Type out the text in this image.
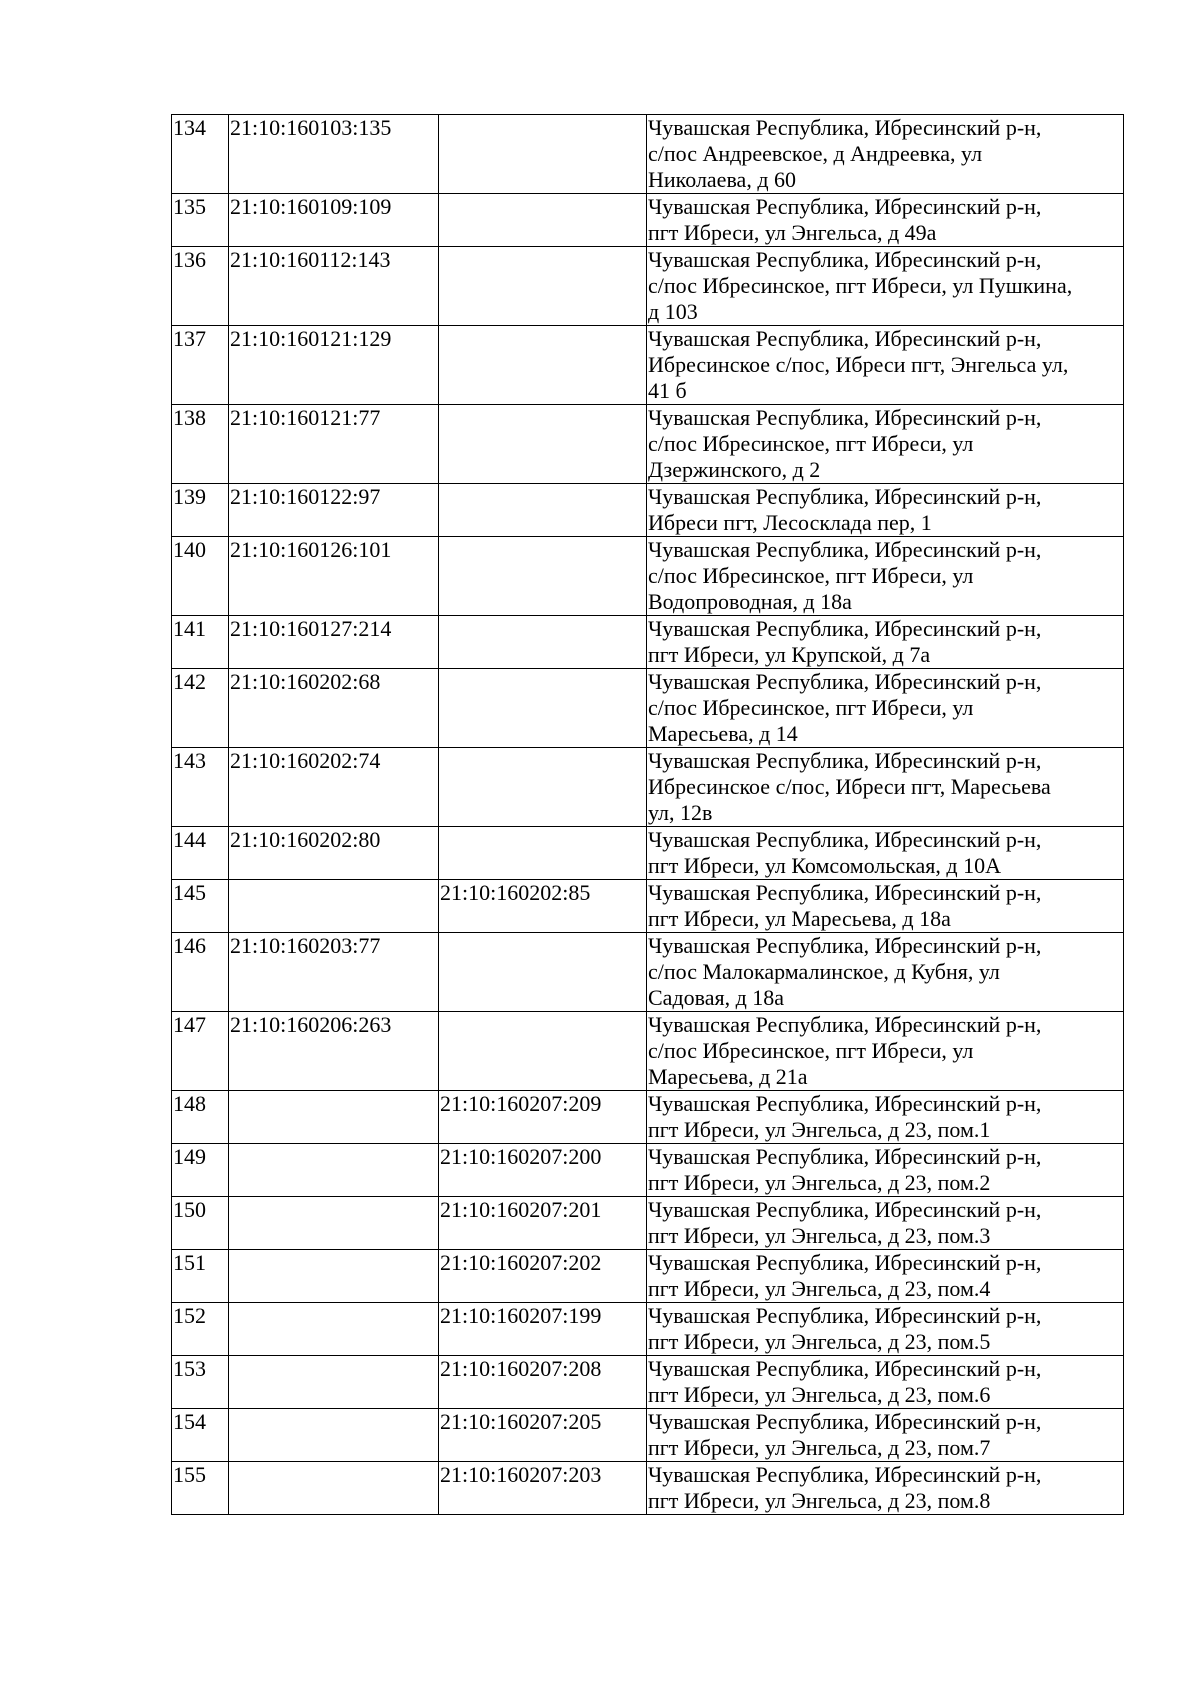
134	21:10:160103:135		Чувашская Республика, Ибресинский р-н,
с/пос Андреевское, д Андреевка, ул
Николаева, д 60
135	21:10:160109:109		Чувашская Республика, Ибресинский р-н,
пгт Ибреси, ул Энгельса, д 49а
136	21:10:160112:143		Чувашская Республика, Ибресинский р-н,
с/пос Ибресинское, пгт Ибреси, ул Пушкина,
д 103
137	21:10:160121:129		Чувашская Республика, Ибресинский р-н,
Ибресинское с/пос, Ибреси пгт, Энгельса ул,
41 б
138	21:10:160121:77		Чувашская Республика, Ибресинский р-н,
с/пос Ибресинское, пгт Ибреси, ул
Дзержинского, д 2
139	21:10:160122:97		Чувашская Республика, Ибресинский р-н,
Ибреси пгт, Лесосклада пер, 1
140	21:10:160126:101		Чувашская Республика, Ибресинский р-н,
с/пос Ибресинское, пгт Ибреси, ул
Водопроводная, д 18а
141	21:10:160127:214		Чувашская Республика, Ибресинский р-н,
пгт Ибреси, ул Крупской, д 7а
142	21:10:160202:68		Чувашская Республика, Ибресинский р-н,
с/пос Ибресинское, пгт Ибреси, ул
Маресьева, д 14
143	21:10:160202:74		Чувашская Республика, Ибресинский р-н,
Ибресинское с/пос, Ибреси пгт, Маресьева
ул, 12в
144	21:10:160202:80		Чувашская Республика, Ибресинский р-н,
пгт Ибреси, ул Комсомольская, д 10А
145		21:10:160202:85	Чувашская Республика, Ибресинский р-н,
пгт Ибреси, ул Маресьева, д 18а
146	21:10:160203:77		Чувашская Республика, Ибресинский р-н,
с/пос Малокармалинское, д Кубня, ул
Садовая, д 18а
147	21:10:160206:263		Чувашская Республика, Ибресинский р-н,
с/пос Ибресинское, пгт Ибреси, ул
Маресьева, д 21а
148		21:10:160207:209	Чувашская Республика, Ибресинский р-н,
пгт Ибреси, ул Энгельса, д 23, пом.1
149		21:10:160207:200	Чувашская Республика, Ибресинский р-н,
пгт Ибреси, ул Энгельса, д 23, пом.2
150		21:10:160207:201	Чувашская Республика, Ибресинский р-н,
пгт Ибреси, ул Энгельса, д 23, пом.3
151		21:10:160207:202	Чувашская Республика, Ибресинский р-н,
пгт Ибреси, ул Энгельса, д 23, пом.4
152		21:10:160207:199	Чувашская Республика, Ибресинский р-н,
пгт Ибреси, ул Энгельса, д 23, пом.5
153		21:10:160207:208	Чувашская Республика, Ибресинский р-н,
пгт Ибреси, ул Энгельса, д 23, пом.6
154		21:10:160207:205	Чувашская Республика, Ибресинский р-н,
пгт Ибреси, ул Энгельса, д 23, пом.7
155		21:10:160207:203	Чувашская Республика, Ибресинский р-н,
пгт Ибреси, ул Энгельса, д 23, пом.8
